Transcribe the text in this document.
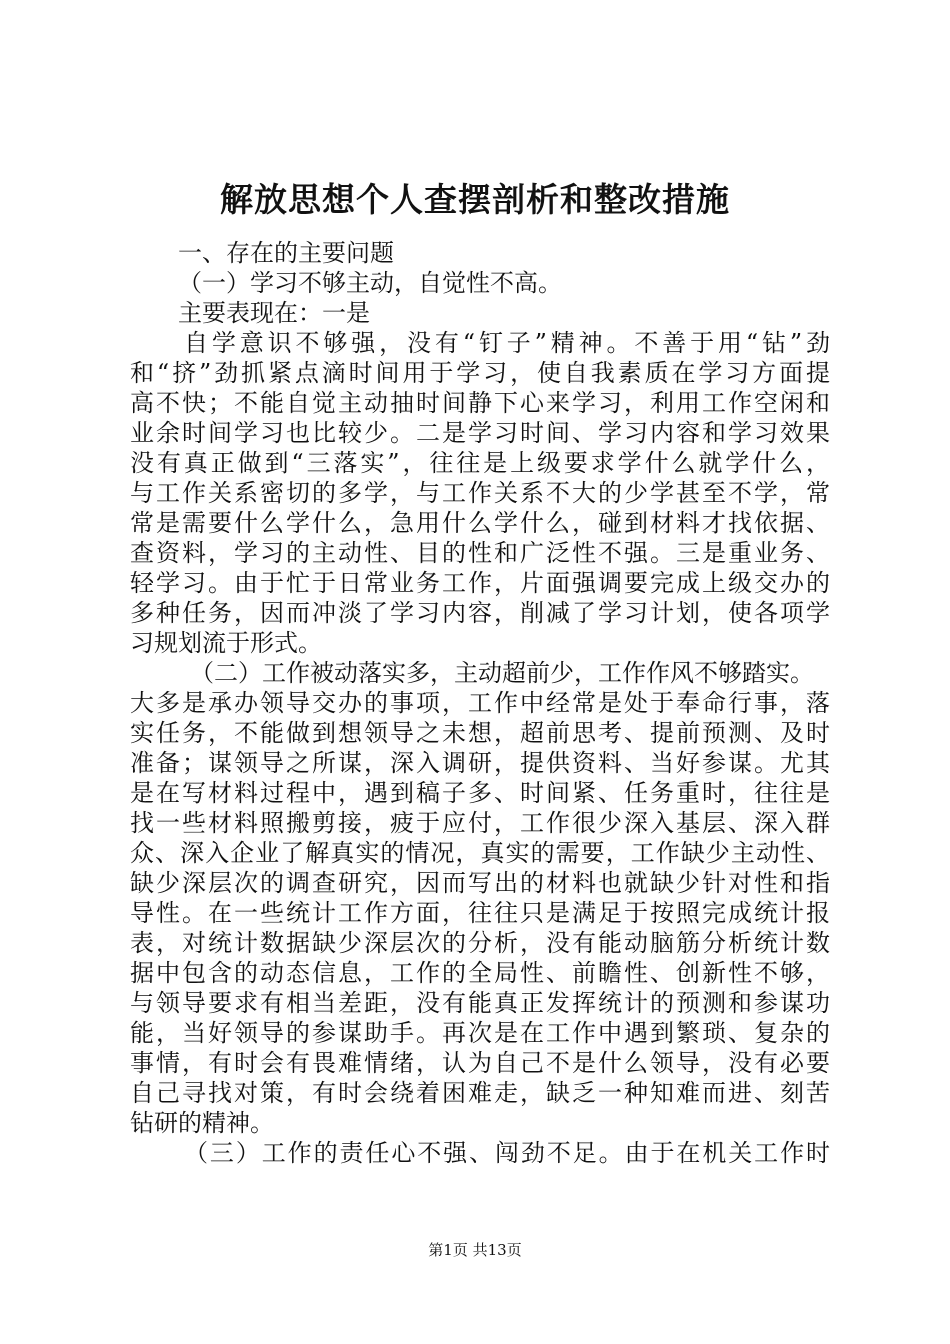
解放思想个人查摆剖析和整改措施
一、存在的主要问题
（一）学习不够主动，自觉性不高。
主要表现在：一是
自学意识不够强，没有“钉子”精神。不善于用“钻”劲
和“挤”劲抓紧点滴时间用于学习，使自我素质在学习方面提
高不快；不能自觉主动抽时间静下心来学习，利用工作空闲和
业余时间学习也比较少。二是学习时间、学习内容和学习效果
没有真正做到“三落实”，往往是上级要求学什么就学什么，
与工作关系密切的多学，与工作关系不大的少学甚至不学，常
常是需要什么学什么，急用什么学什么，碰到材料才找依据、
查资料，学习的主动性、目的性和广泛性不强。三是重业务、
轻学习。由于忙于日常业务工作，片面强调要完成上级交办的
多种任务，因而冲淡了学习内容，削减了学习计划，使各项学
习规划流于形式。
（二）工作被动落实多，主动超前少，工作作风不够踏实。
大多是承办领导交办的事项，工作中经常是处于奉命行事，落
实任务，不能做到想领导之未想，超前思考、提前预测、及时
准备；谋领导之所谋，深入调研，提供资料、当好参谋。尤其
是在写材料过程中，遇到稿子多、时间紧、任务重时，往往是
找一些材料照搬剪接，疲于应付，工作很少深入基层、深入群
众、深入企业了解真实的情况，真实的需要，工作缺少主动性、
缺少深层次的调查研究，因而写出的材料也就缺少针对性和指
导性。在一些统计工作方面，往往只是满足于按照完成统计报
表，对统计数据缺少深层次的分析，没有能动脑筋分析统计数
据中包含的动态信息，工作的全局性、前瞻性、创新性不够，
与领导要求有相当差距，没有能真正发挥统计的预测和参谋功
能，当好领导的参谋助手。再次是在工作中遇到繁琐、复杂的
事情，有时会有畏难情绪，认为自己不是什么领导，没有必要
自己寻找对策，有时会绕着困难走，缺乏一种知难而进、刻苦
钻研的精神。
（三）工作的责任心不强、闯劲不足。由于在机关工作时
第1页 共13页
